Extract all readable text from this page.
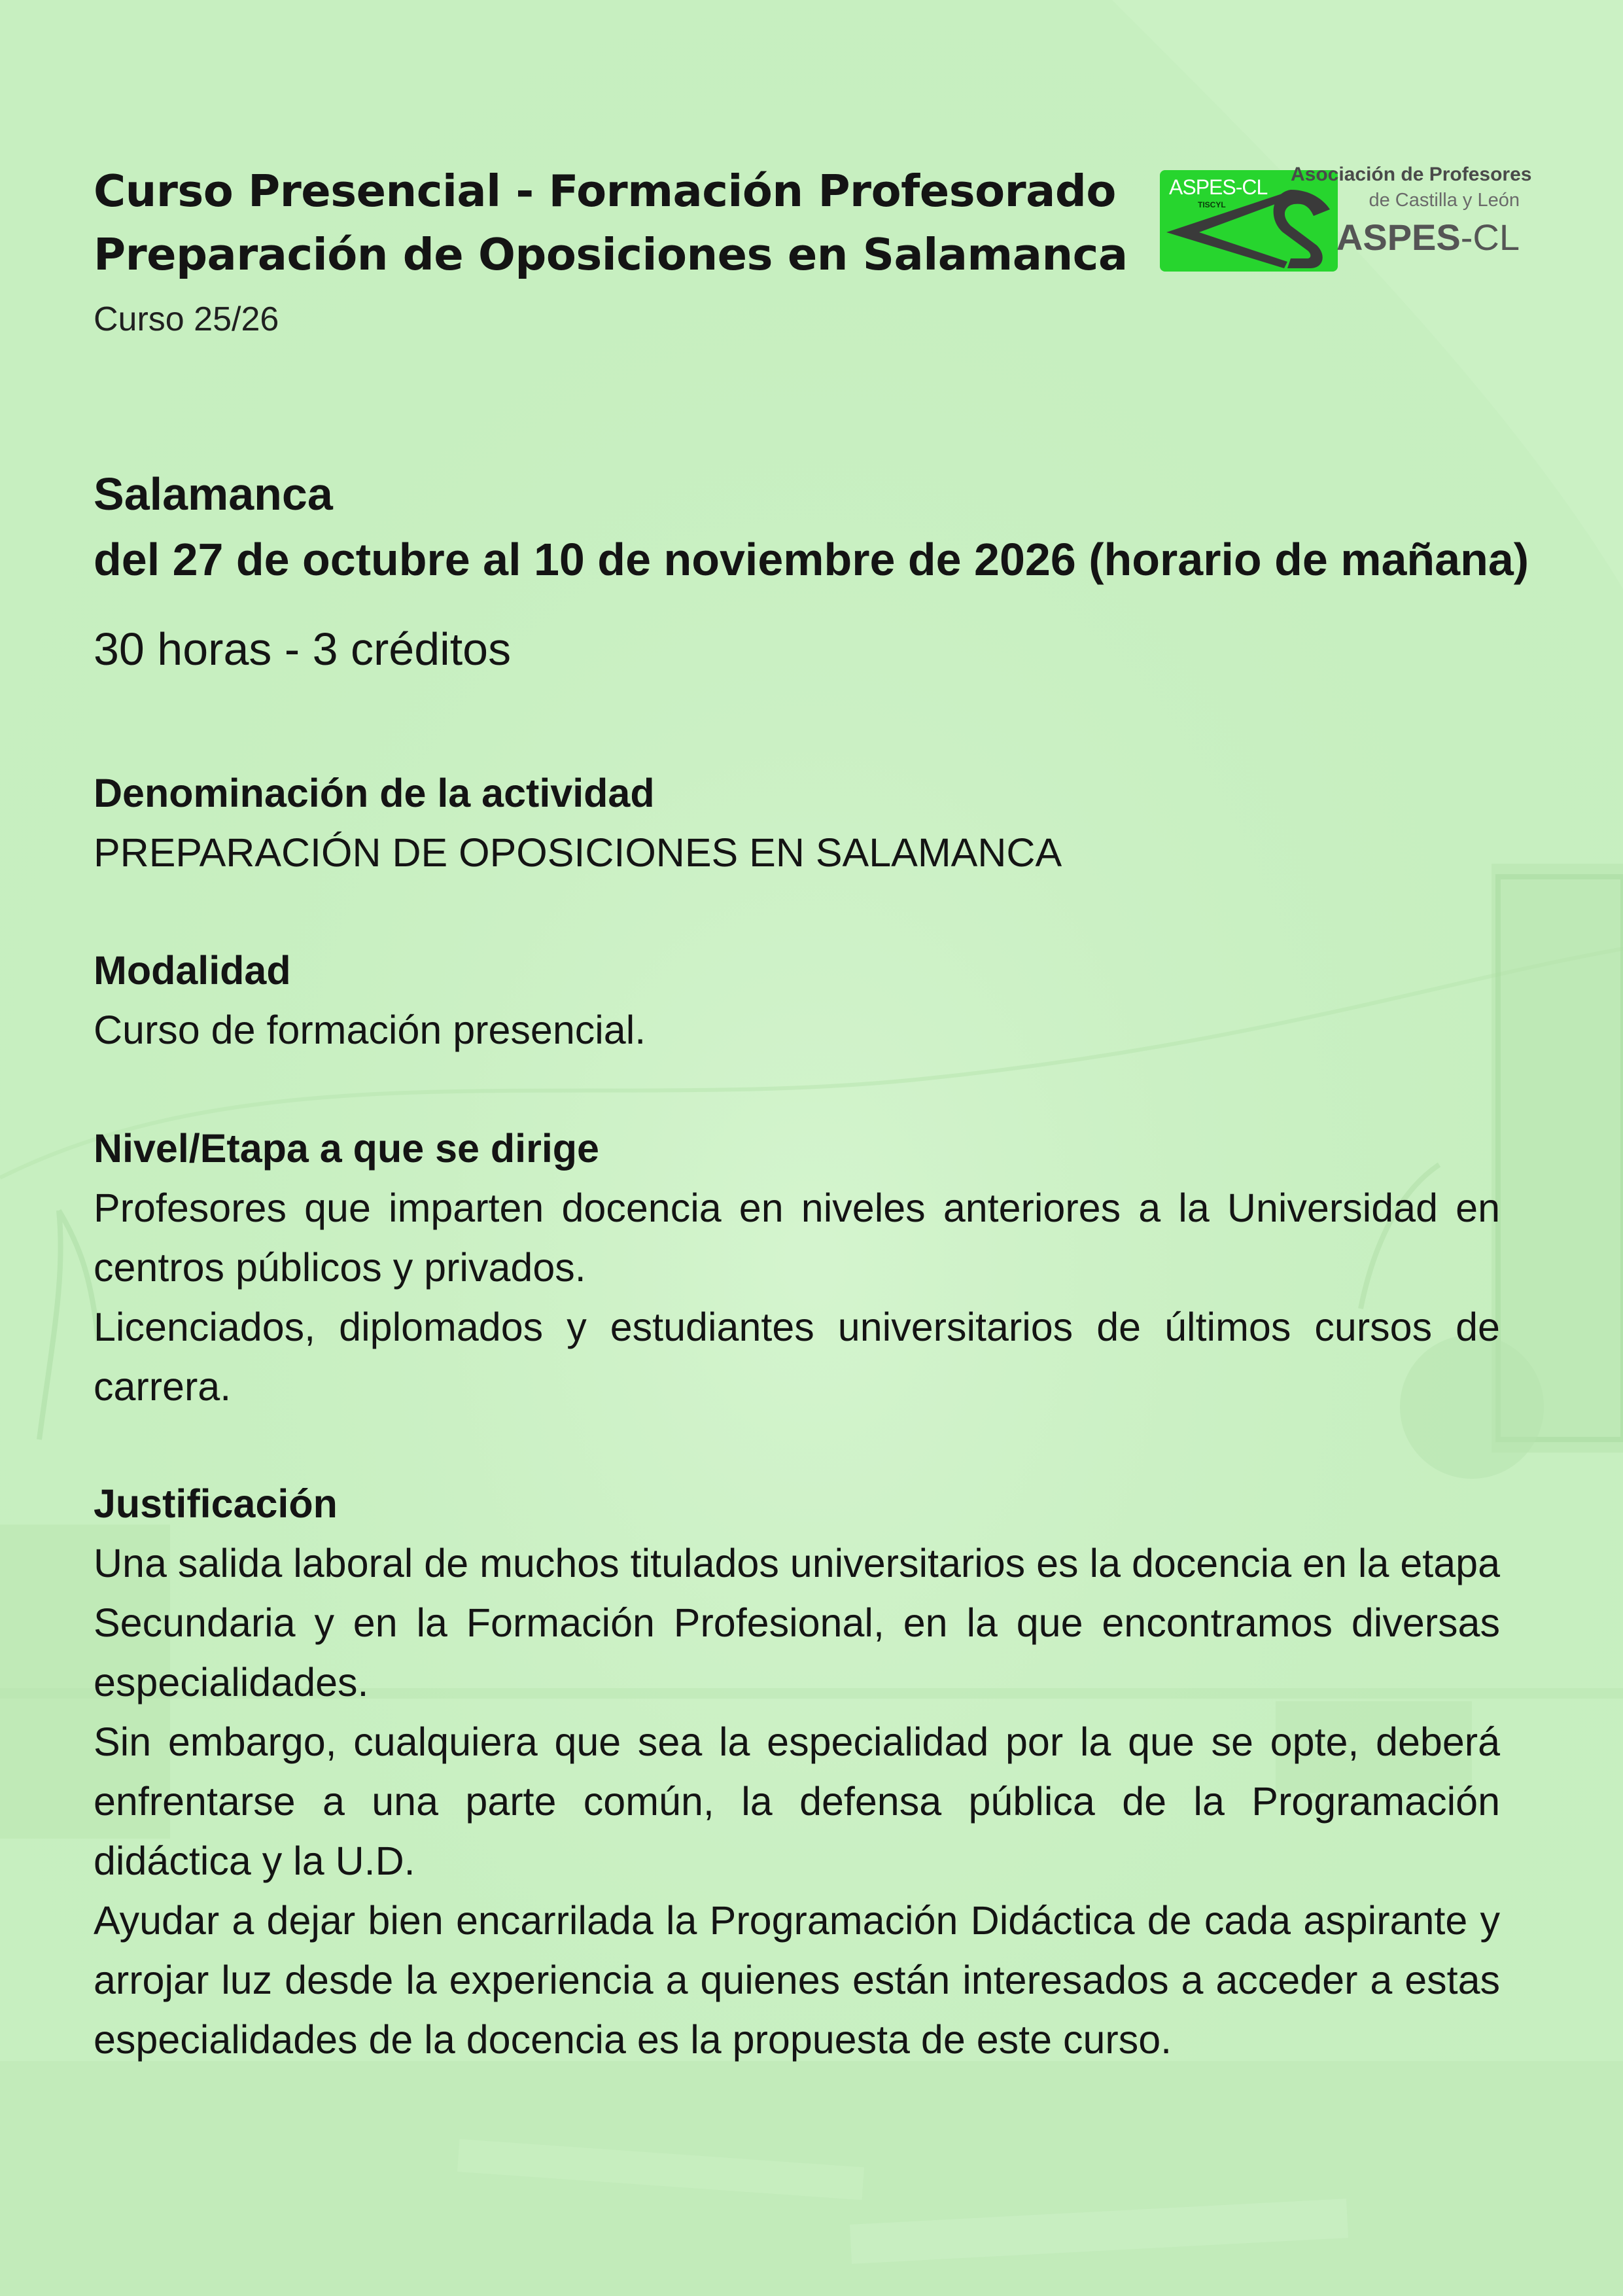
ASPES-CL
TISCYL
Asociación de Profesores
de Castilla y León
ASPES-CL
Curso Presencial - Formación Profesorado
Preparación de Oposiciones en Salamanca
Curso 25/26
Salamanca
del 27 de octubre al 10 de noviembre de 2026 (horario de mañana)
30 horas - 3 créditos
Denominación de la actividad

PREPARACIÓN DE OPOSICIONES EN SALAMANCA

Modalidad

Curso de formación presencial.

Nivel/Etapa a que se dirige

Profesores que imparten docencia en niveles anteriores a la Universidad en centros públicos y privados.

Licenciados, diplomados y estudiantes universitarios de últimos cursos de carrera.

Justificación

Una salida laboral de muchos titulados universitarios es la docencia en la etapa Secundaria y en la Formación Profesional, en la que encontramos diversas especialidades.

Sin embargo, cualquiera que sea la especialidad por la que se opte, deberá enfrentarse a una parte común, la defensa pública de la Programación didáctica y la U.D.

Ayudar a dejar bien encarrilada la Programación Didáctica de cada aspirante y arrojar luz desde la experiencia a quienes están interesados a acceder a estas especialidades de la docencia es la propuesta de este curso.
